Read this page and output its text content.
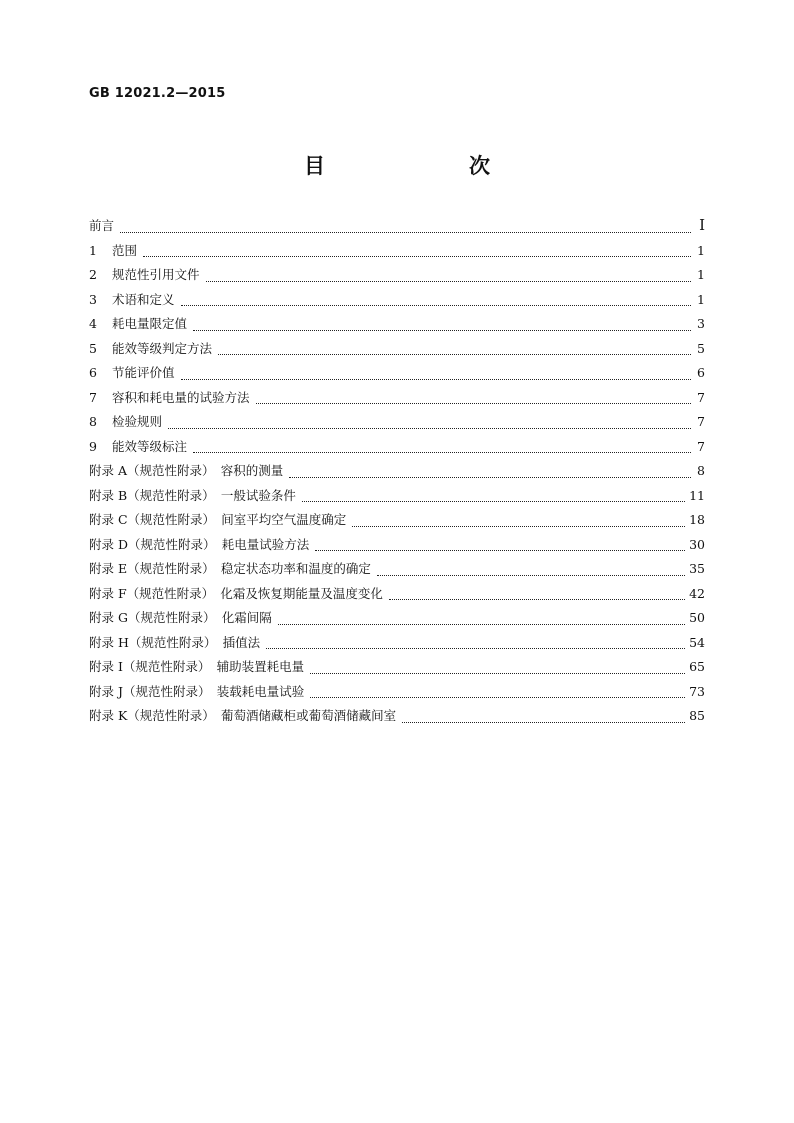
GB 12021.2—2015
目　　次
前言	Ⅰ
1	范围	1
2	规范性引用文件	1
3	术语和定义	1
4	耗电量限定值	3
5	能效等级判定方法	5
6	节能评价值	6
7	容积和耗电量的试验方法	7
8	检验规则	7
9	能效等级标注	7
附录 A（规范性附录）　容积的测量	8
附录 B（规范性附录）　一般试验条件	11
附录 C（规范性附录）　间室平均空气温度确定	18
附录 D（规范性附录）　耗电量试验方法	30
附录 E（规范性附录）　稳定状态功率和温度的确定	35
附录 F（规范性附录）　化霜及恢复期能量及温度变化	42
附录 G（规范性附录）　化霜间隔	50
附录 H（规范性附录）　插值法	54
附录 I（规范性附录）　辅助装置耗电量	65
附录 J（规范性附录）　装载耗电量试验	73
附录 K（规范性附录）　葡萄酒储藏柜或葡萄酒储藏间室	85
